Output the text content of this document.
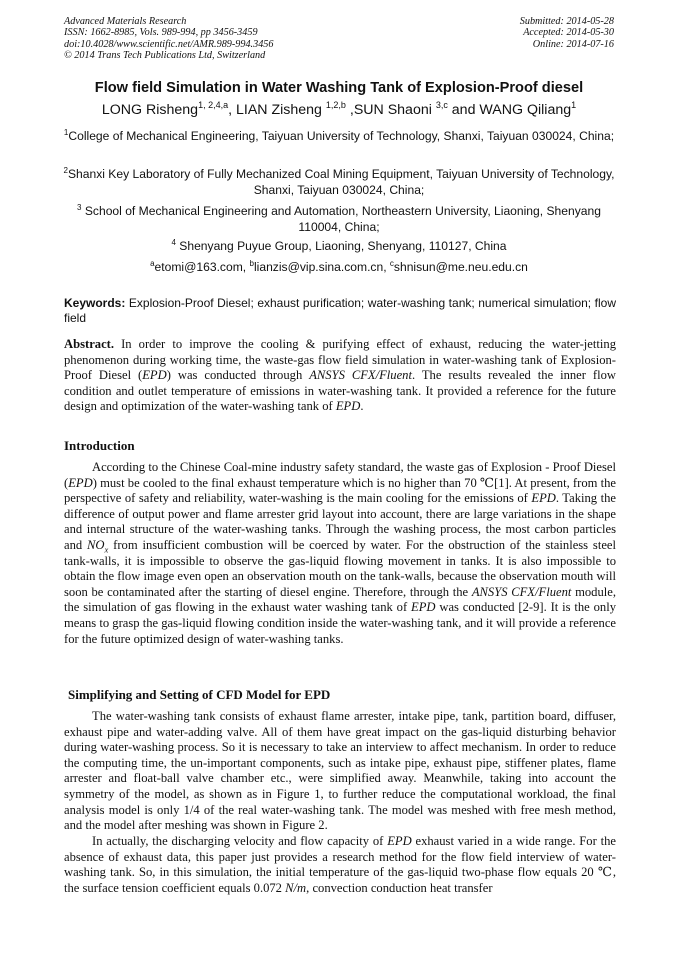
Advanced Materials Research
ISSN: 1662-8985, Vols. 989-994, pp 3456-3459
doi:10.4028/www.scientific.net/AMR.989-994.3456
© 2014 Trans Tech Publications Ltd, Switzerland
Submitted: 2014-05-28
Accepted: 2014-05-30
Online: 2014-07-16
Flow field Simulation in Water Washing Tank of Explosion-Proof diesel
LONG Risheng$^{1, 2,4,a}$, LIAN Zisheng $^{1,2,b}$ ,SUN Shaoni $^{3,c}$ and WANG Qiliang$^1$
$^1$College of Mechanical Engineering, Taiyuan University of Technology, Shanxi, Taiyuan 030024, China;
$^2$Shanxi Key Laboratory of Fully Mechanized Coal Mining Equipment, Taiyuan University of Technology, Shanxi, Taiyuan 030024, China;
$^3$ School of Mechanical Engineering and Automation, Northeastern University, Liaoning, Shenyang 110004, China;
$^4$ Shenyang Puyue Group, Liaoning, Shenyang, 110127, China
$^a$etomi@163.com, $^b$lianzis@vip.sina.com.cn, $^c$shnisun@me.neu.edu.cn
Keywords: Explosion-Proof Diesel; exhaust purification; water-washing tank; numerical simulation; flow field
Abstract. In order to improve the cooling & purifying effect of exhaust, reducing the water-jetting phenomenon during working time, the waste-gas flow field simulation in water-washing tank of Explosion-Proof Diesel (EPD) was conducted through ANSYS CFX/Fluent. The results revealed the inner flow condition and outlet temperature of emissions in water-washing tank. It provided a reference for the future design and optimization of the water-washing tank of EPD.
Introduction
According to the Chinese Coal-mine industry safety standard, the waste gas of Explosion - Proof Diesel (EPD) must be cooled to the final exhaust temperature which is no higher than 70 ℃[1]. At present, from the perspective of safety and reliability, water-washing is the main cooling for the emissions of EPD. Taking the difference of output power and flame arrester grid layout into account, there are large variations in the shape and internal structure of the water-washing tanks. Through the washing process, the most carbon particles and $NO_x$ from insufficient combustion will be coerced by water. For the obstruction of the stainless steel tank-walls, it is impossible to observe the gas-liquid flowing movement in tanks. It is also impossible to obtain the flow image even open an observation mouth on the tank-walls, because the observation mouth will soon be contaminated after the starting of diesel engine. Therefore, through the ANSYS CFX/Fluent module, the simulation of gas flowing in the exhaust water washing tank of EPD was conducted [2-9]. It is the only means to grasp the gas-liquid flowing condition inside the water-washing tank, and it will provide a reference for the future optimized design of water-washing tanks.
Simplifying and Setting of CFD Model for EPD
The water-washing tank consists of exhaust flame arrester, intake pipe, tank, partition board, diffuser, exhaust pipe and water-adding valve. All of them have great impact on the gas-liquid disturbing behavior during water-washing process. So it is necessary to take an interview to affect mechanism. In order to reduce the computing time, the un-important components, such as intake pipe, exhaust pipe, stiffener plates, flame arrester and float-ball valve chamber etc., were simplified away. Meanwhile, taking into account the symmetry of the model, as shown as in Figure 1, to further reduce the computational workload, the final analysis model is only 1/4 of the real water-washing tank. The model was meshed with free mesh method, and the model after meshing was shown in Figure 2.
In actually, the discharging velocity and flow capacity of EPD exhaust varied in a wide range. For the absence of exhaust data, this paper just provides a research method for the flow field interview of water-washing tank. So, in this simulation, the initial temperature of the gas-liquid two-phase flow equals 20 ℃, the surface tension coefficient equals 0.072 N/m, convection conduction heat transfer
